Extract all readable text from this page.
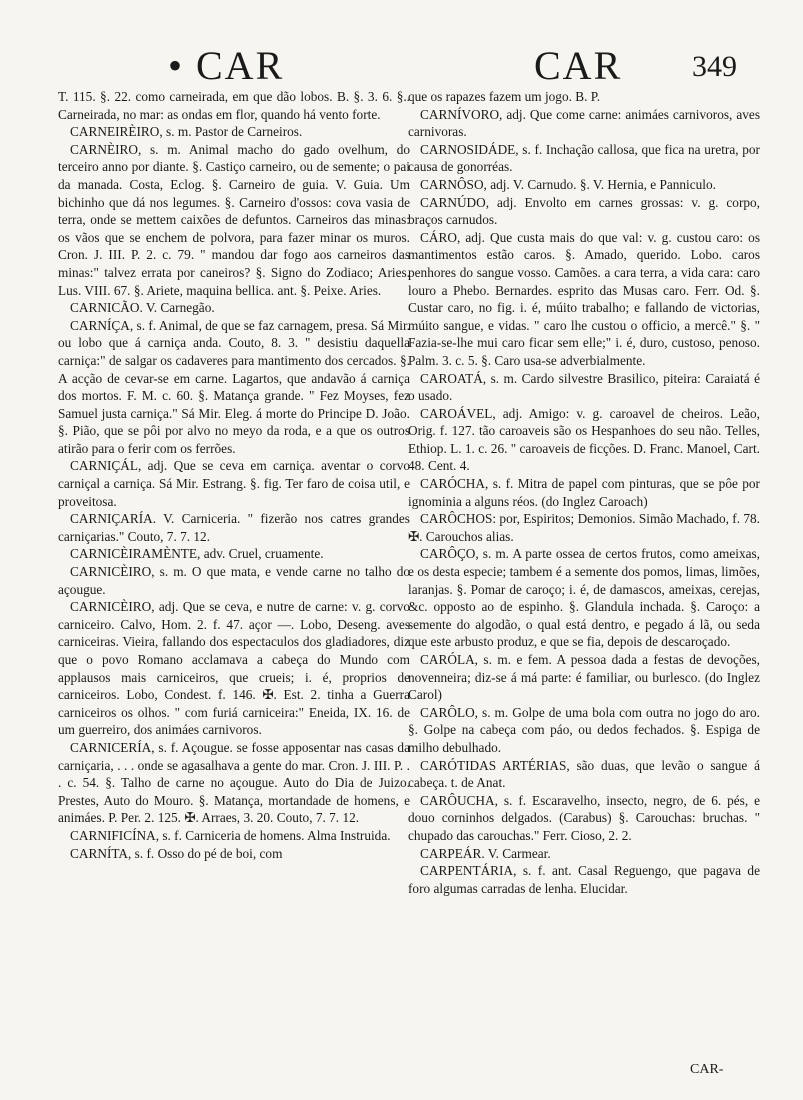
• CAR	CAR 349

T. 115. §. 22. como carneirada, em que dão lobos. B. §. 3. 6. §.. Carneirada, no mar: as ondas em flor, quando há vento forte.

CARNEIRÈIRO, s. m. Pastor de Carneiros.

CARNÈIRO, s. m. Animal macho do gado ovelhum, do terceiro anno por diante. §. Castiço carneiro, ou de semente; o pai da manada. Costa, Eclog. §. Carneiro de guia. V. Guia. Um bichinho que dá nos legumes. §. Carneiro d'ossos: cova vasia de terra, onde se mettem caixões de defuntos. Carneiros das minas: os vãos que se enchem de polvora, para fazer minar os muros. Cron. J. III. P. 2. c. 79. " mandou dar fogo aos carneiros das minas:" talvez errata por caneiros? §. Signo do Zodiaco; Aries. Lus. VIII. 67. §. Ariete, maquina bellica. ant. §. Peixe. Aries.

CARNICÃO. V. Carnegão.

CARNÍÇA, s. f. Animal, de que se faz carnagem, presa. Sá Mir. ou lobo que á carniça anda. Couto, 8. 3. " desistiu daquella carniça:" de salgar os cadaveres para mantimento dos cercados. §. A acção de cevar-se em carne. Lagartos, que andavão á carniça dos mortos. F. M. c. 60. §. Matança grande. " Fez Moyses, fez Samuel justa carniça." Sá Mir. Eleg. á morte do Principe D. João. §. Pião, que se pôi por alvo no meyo da roda, e a que os outros atirão para o ferir com os ferrões.

CARNIÇÁL, adj. Que se ceva em carniça. aventar o corvo carniçal a carniça. Sá Mir. Estrang. §. fig. Ter faro de coisa util, e proveitosa.

CARNIÇARÍA. V. Carniceria. " fizerão nos catres grandes carniçarias." Couto, 7. 7. 12.

CARNICÈIRAMÈNTE, adv. Cruel, cruamente.

CARNICÈIRO, s. m. O que mata, e vende carne no talho do açougue.

CARNICÈIRO, adj. Que se ceva, e nutre de carne: v. g. corvo carniceiro. Calvo, Hom. 2. f. 47. açor —. Lobo, Deseng. aves carniceiras. Vieira, fallando dos espectaculos dos gladiadores, diz que o povo Romano acclamava a cabeça do Mundo com applausos mais carniceiros, que crueis; i. é, proprios de carniceiros. Lobo, Condest. f. 146. ✠. Est. 2. tinha a Guerra carniceiros os olhos. " com furiá carniceira:" Eneida, IX. 16. de um guerreiro, dos animáes carnivoros.

CARNICERÍA, s. f. Açougue. se fosse apposentar nas casas da carniçaria, . . . onde se agasalhava a gente do mar. Cron. J. III. P. . . c. 54. §. Talho de carne no açougue. Auto do Dia de Juizo. Prestes, Auto do Mouro. §. Matança, mortandade de homens, e animáes. P. Per. 2. 125. ✠. Arraes, 3. 20. Couto, 7. 7. 12.

CARNIFICÍNA, s. f. Carniceria de homens. Alma Instruida.

CARNÍTA, s. f. Osso do pé de boi, com

que os rapazes fazem um jogo. B. P.

CARNÍVORO, adj. Que come carne: animáes carnivoros, aves carnivoras.

CARNOSIDÁDE, s. f. Inchação callosa, que fica na uretra, por causa de gonorréas.

CARNÔSO, adj. V. Carnudo. §. V. Hernia, e Panniculo.

CARNÚDO, adj. Envolto em carnes grossas: v. g. corpo, braços carnudos.

CÁRO, adj. Que custa mais do que val: v. g. custou caro: os mantimentos estão caros. §. Amado, querido. Lobo. caros penhores do sangue vosso. Camões. a cara terra, a vida cara: caro louro a Phebo. Bernardes. esprito das Musas caro. Ferr. Od. §. Custar caro, no fig. i. é, múito trabalho; e fallando de victorias, múito sangue, e vidas. " caro lhe custou o officio, a mercê." §. " Fazia-se-lhe mui caro ficar sem elle;" i. é, duro, custoso, penoso. Palm. 3. c. 5. §. Caro usa-se adverbialmente.

CAROATÁ, s. m. Cardo silvestre Brasilico, piteira: Caraiatá é o usado.

CAROÁVEL, adj. Amigo: v. g. caroavel de cheiros. Leão, Orig. f. 127. tão caroaveis são os Hespanhoes do seu não. Telles, Ethiop. L. 1. c. 26. " caroaveis de ficções. D. Franc. Manoel, Cart. 48. Cent. 4.

CARÓCHA, s. f. Mitra de papel com pinturas, que se pôe por ignominia a alguns réos. (do Inglez Caroach)

CARÔCHOS: por, Espiritos; Demonios. Simão Machado, f. 78. ✠. Carouchos alias.

CARÔÇO, s. m. A parte ossea de certos frutos, como ameixas, e os desta especie; tambem é a semente dos pomos, limas, limões, laranjas. §. Pomar de caroço; i. é, de damascos, ameixas, cerejas, &c. opposto ao de espinho. §. Glandula inchada. §. Caroço: a semente do algodão, o qual está dentro, e pegado á lã, ou seda que este arbusto produz, e que se fia, depois de descaroçado.

CARÓLA, s. m. e fem. A pessoa dada a festas de devoções, novenneira; diz-se á má parte: é familiar, ou burlesco. (do Inglez Carol)

CARÔLO, s. m. Golpe de uma bola com outra no jogo do aro. §. Golpe na cabeça com páo, ou dedos fechados. §. Espiga de milho debulhado.

CARÓTIDAS ARTÉRIAS, são duas, que levão o sangue á cabeça. t. de Anat.

CARÔUCHA, s. f. Escaravelho, insecto, negro, de 6. pés, e douo corninhos delgados. (Carabus) §. Carouchas: bruchas. " chupado das carouchas." Ferr. Cioso, 2. 2.

CARPEÁR. V. Carmear.

CARPENTÁRIA, s. f. ant. Casal Reguengo, que pagava de foro algumas carradas de lenha. Elucidar.

CAR-
